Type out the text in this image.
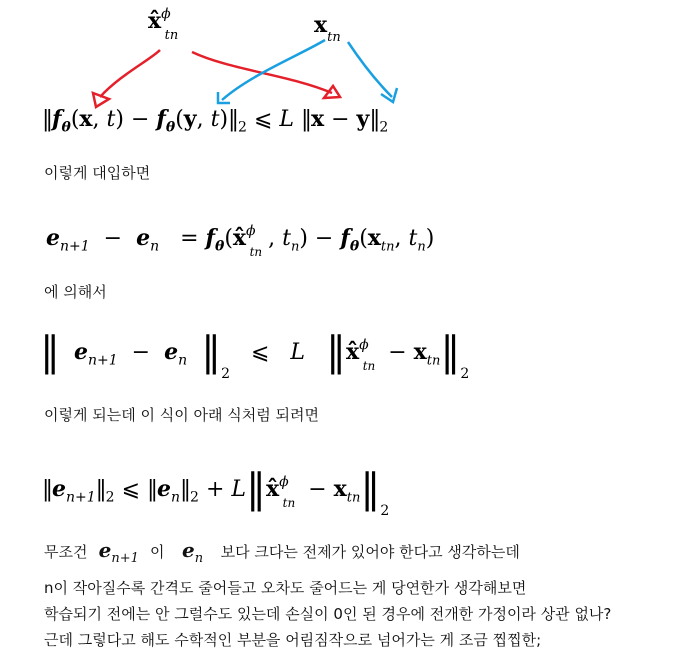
x̂$^\phi_{tn}$	$x_{tn}$
$‖f_\theta(x$, $t) - f_\theta(y$, $t)‖_2$ ⩽ L ‖x − $y‖_2$
이렇게 대입하면
$e_{n+1} - e_n$   = $f_\theta(x̂^\phi_{tn}$, $t_n) - f_\theta(x_{tn}$, $t_n$)
에 의해서
‖ $e_{n+1} - e_n$ $‖_2$   ⩽   L ‖x̂$^\phi_{tn}$ − $x_{tn}‖_2$
이렇게 되는데 이 식이 아래 식처럼 되려면
$‖e_{n+1}‖_2$ ⩽ $‖e_n‖_2$ + L‖x̂$^\phi_{tn}$ − $x_{tn}‖_2$
무조건 $e_{n+1}$ 이 $e_n$ 보다 크다는 전제가 있어야 한다고 생각하는데
n이 작아질수록 간격도 줄어들고 오차도 줄어드는 게 당연한가 생각해보면
학습되기 전에는 안 그럴수도 있는데 손실이 0인 된 경우에 전개한 가정이라 상관 없나?
근데 그렇다고 해도 수학적인 부분을 어림짐작으로 넘어가는 게 조금 찝찝한;
